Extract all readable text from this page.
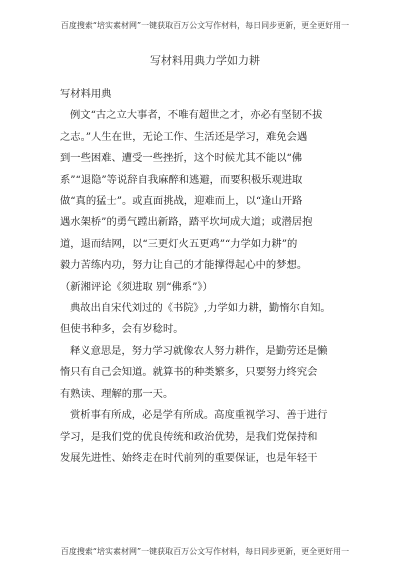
百度搜索“培实素材网”一键获取百万公文写作材料，每日同步更新，更全更好用一
写材料用典力学如力耕
写材料用典
例文“古之立大事者，不唯有超世之才，亦必有坚韧不拔
之志。”人生在世，无论工作、生活还是学习，难免会遇
到一些困难、遭受一些挫折，这个时候尤其不能以“佛
系”“退隐”等说辞自我麻醉和逃避，而要积极乐观进取
做“真的猛士”。或直面挑战，迎难而上，以“逢山开路
遇水架桥”的勇气蹚出新路，踏平坎坷成大道；或潜居抱
道，退而结网，以“三更灯火五更鸡”“力学如力耕”的
毅力苦练内功，努力让自己的才能撑得起心中的梦想。
（新湘评论《须进取 别“佛系”》）
典故出自宋代刘过的《书院》,力学如力耕，勤惰尔自知。
但使书种多，会有岁稔时。
释义意思是，努力学习就像农人努力耕作，是勤劳还是懒
惰只有自己会知道。就算书的种类繁多，只要努力终究会
有熟读、理解的那一天。
赏析事有所成，必是学有所成。高度重视学习、善于进行
学习，是我们党的优良传统和政治优势，是我们党保持和
发展先进性、始终走在时代前列的重要保证，也是年轻干
百度搜索“培实素材网”一键获取百万公文写作材料，每日同步更新，更全更好用一
